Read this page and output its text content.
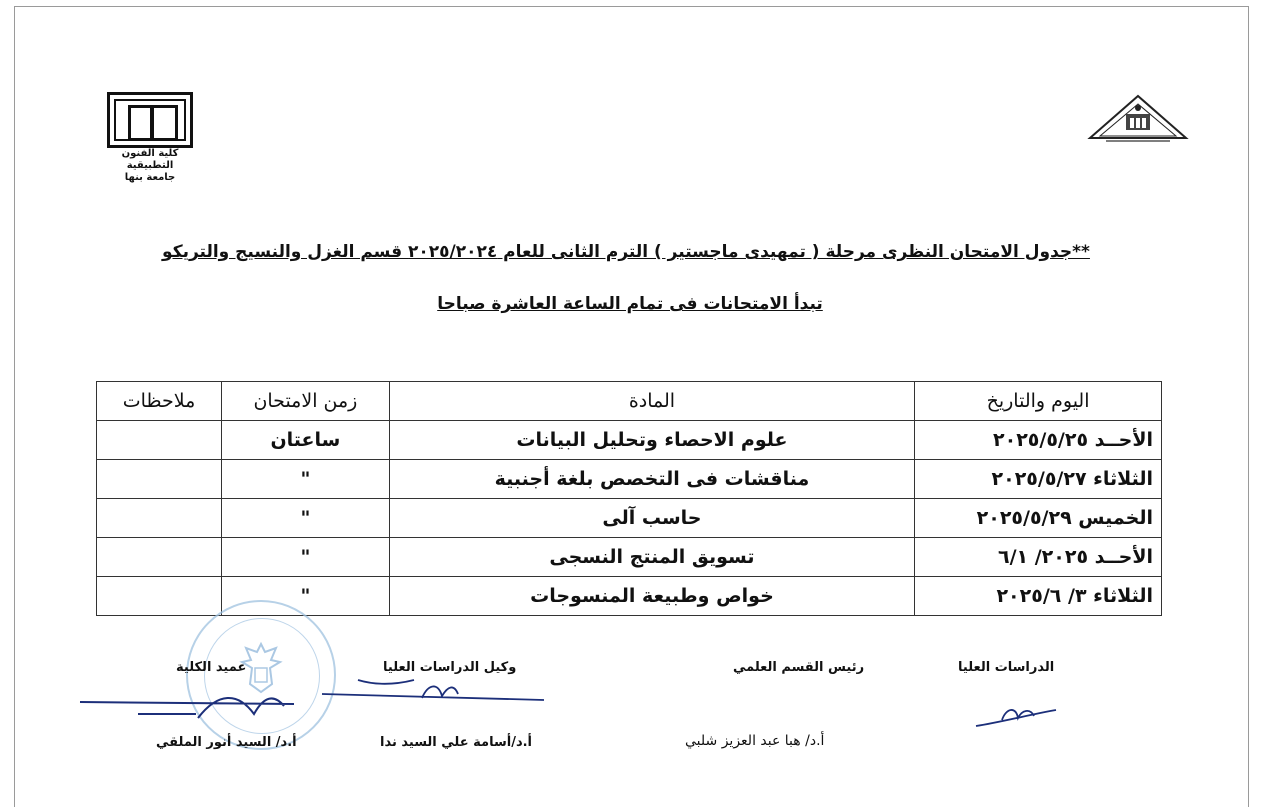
كلية الفنون التطبيقية
جامعة بنها
**جدول الامتحان النظرى مرحلة ( تمهيدى ماجستير ) الترم الثانى للعام ٢٠٢٥/٢٠٢٤ قسم الغزل والنسيج والتريكو
تبدأ الامتحانات فى تمام الساعة العاشرة صباحا
اليوم والتاريخ	المادة	زمن الامتحان	ملاحظات
الأحــد ٢٠٢٥/٥/٢٥	علوم الاحصاء وتحليل البيانات	ساعتان	
الثلاثاء ٢٠٢٥/٥/٢٧	مناقشات فى التخصص بلغة أجنبية	"	
الخميس ٢٠٢٥/٥/٢٩	حاسب آلى	"	
الأحــد ٢٠٢٥/ ٦/١	تسويق المنتج النسجى	"	
الثلاثاء ٣/ ٢٠٢٥/٦	خواص وطبيعة المنسوجات	"	
الدراسات العليا
رئيس القسم العلمي
أ.د/ هبا عبد العزيز شلبي
وكيل الدراسات العليا
أ.د/أسامة علي السيد ندا
عميد الكلية
أ.د/ السيد أنور الملقي
